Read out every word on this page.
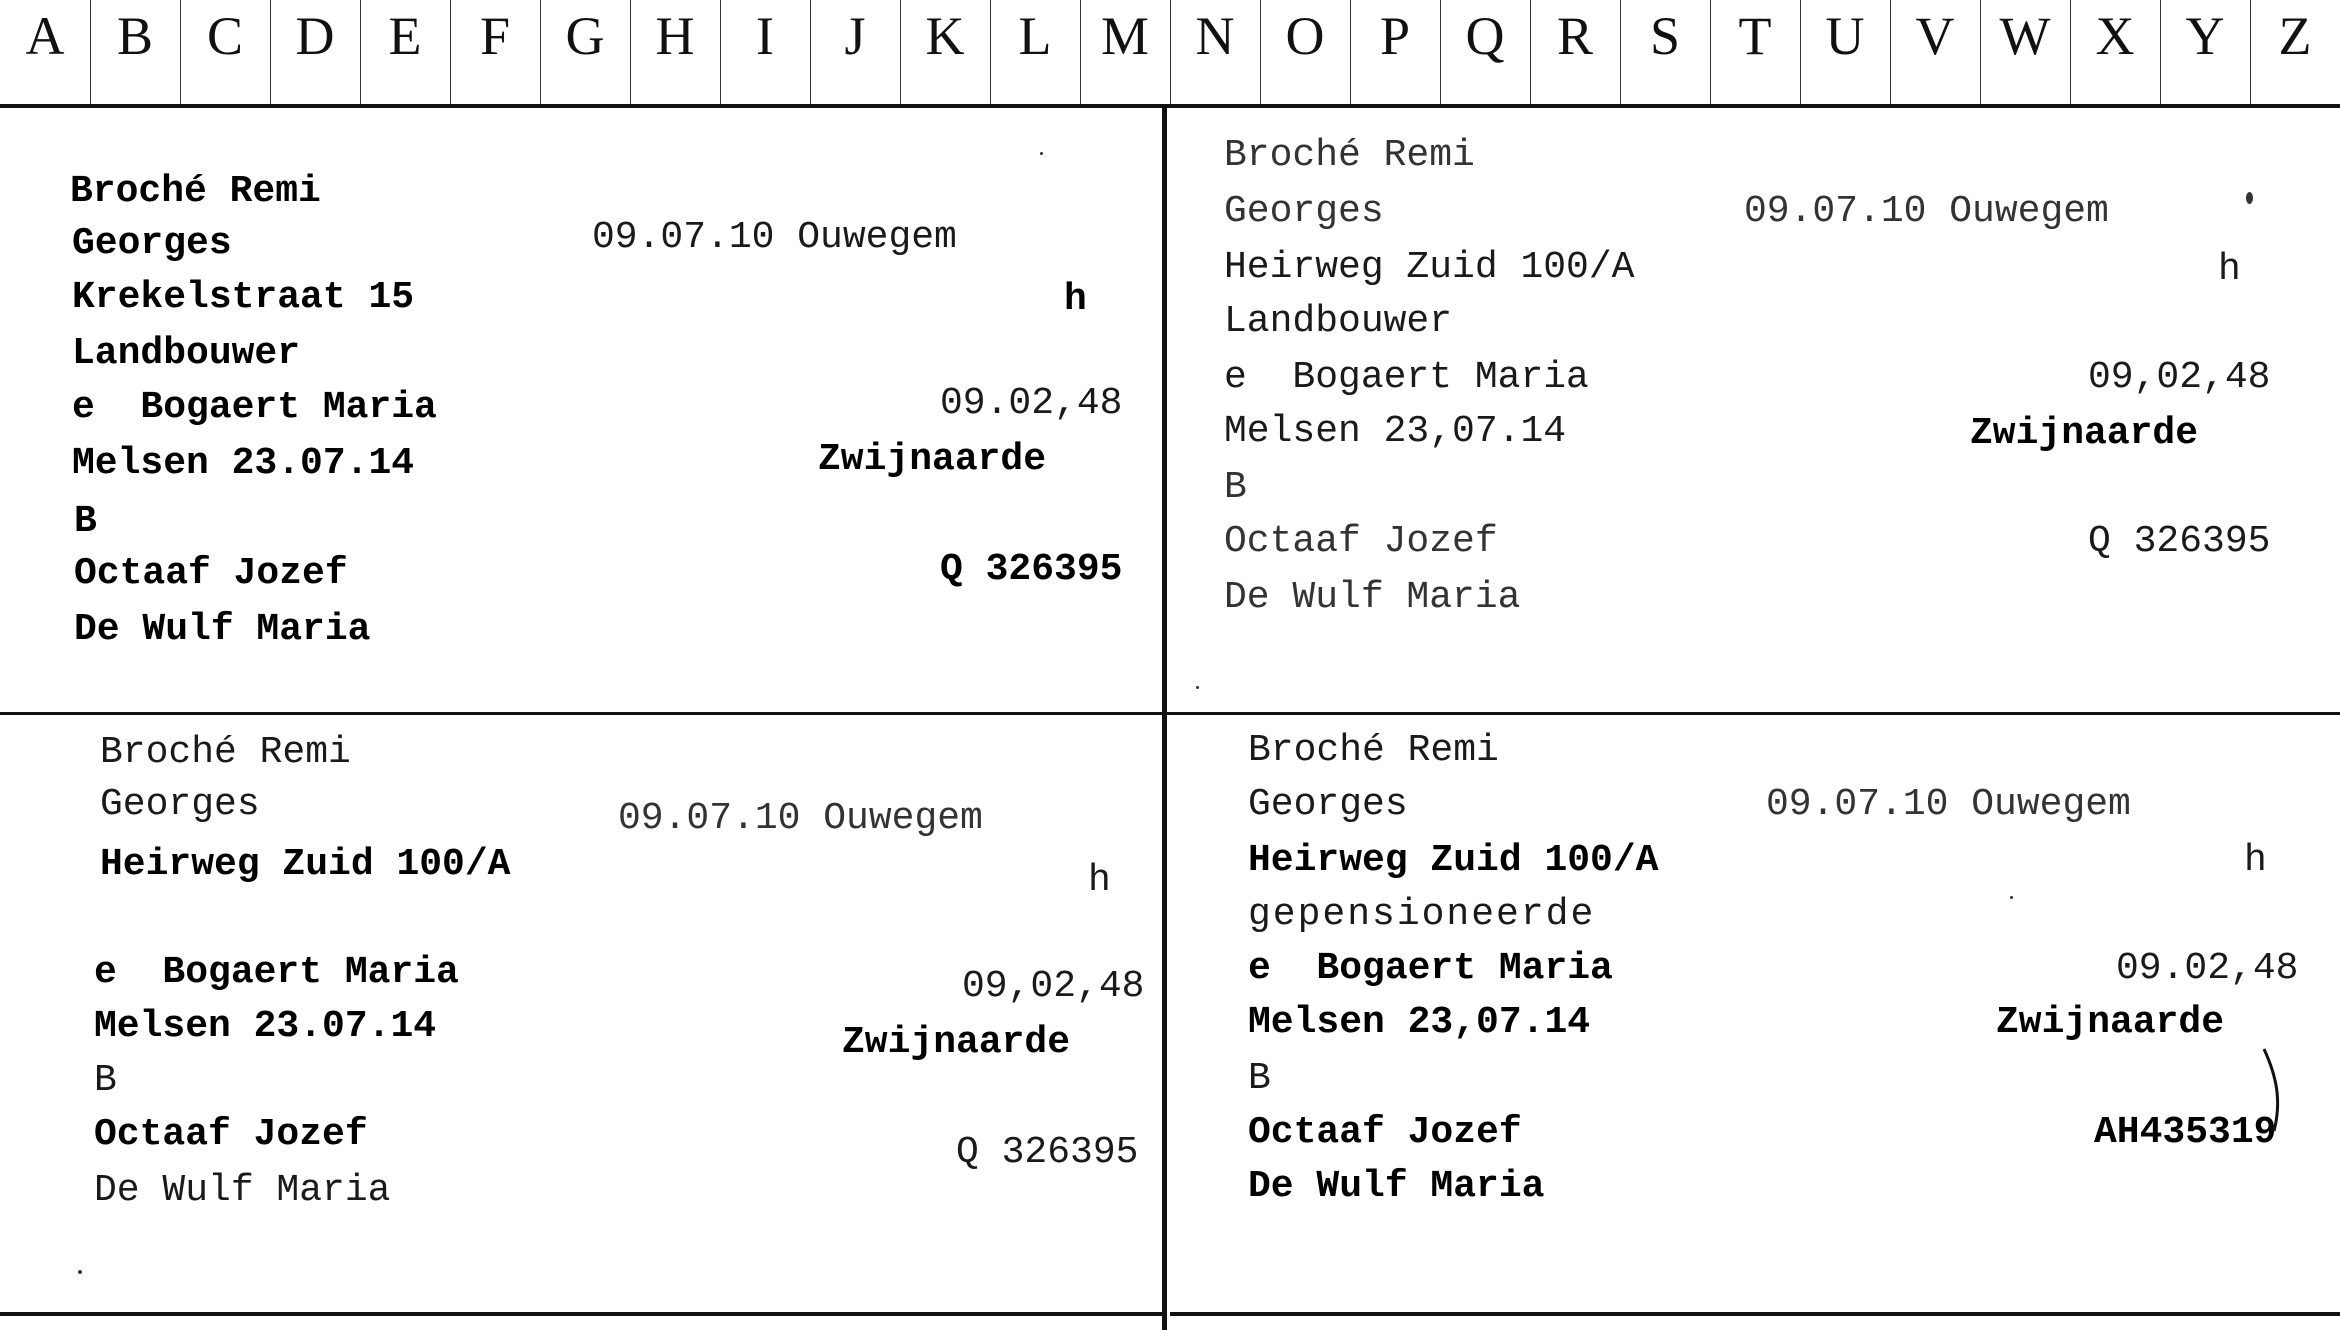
A B C D	E	F	G H	I	J	K	L M N O	P	Q R	S	T	U V W X Y	Z
Broché Remi
Georges	09.07.10 Ouwegem
Krekelstraat 15	h
Landbouwer
e  Bogaert Maria	09.02,48
Melsen 23.07.14	Zwijnaarde
B
Octaaf Jozef	Q 326395
De Wulf Maria
Broché Remi
Georges	09.07.10 Ouwegem
Heirweg Zuid 100/A	h
Landbouwer
e  Bogaert Maria	09,02,48
Melsen 23,07.14	Zwijnaarde
B
Octaaf Jozef	Q 326395
De Wulf Maria
Broché Remi
Georges	09.07.10 Ouwegem
Heirweg Zuid 100/A	h
e  Bogaert Maria	09,02,48
Melsen 23.07.14	Zwijnaarde
B
Octaaf Jozef	Q 326395
De Wulf Maria
Broché Remi
Georges	09.07.10 Ouwegem
Heirweg Zuid 100/A	h
gepensioneerde
e  Bogaert Maria	09.02,48
Melsen 23,07.14	Zwijnaarde
B
Octaaf Jozef	AH435319
De Wulf Maria
